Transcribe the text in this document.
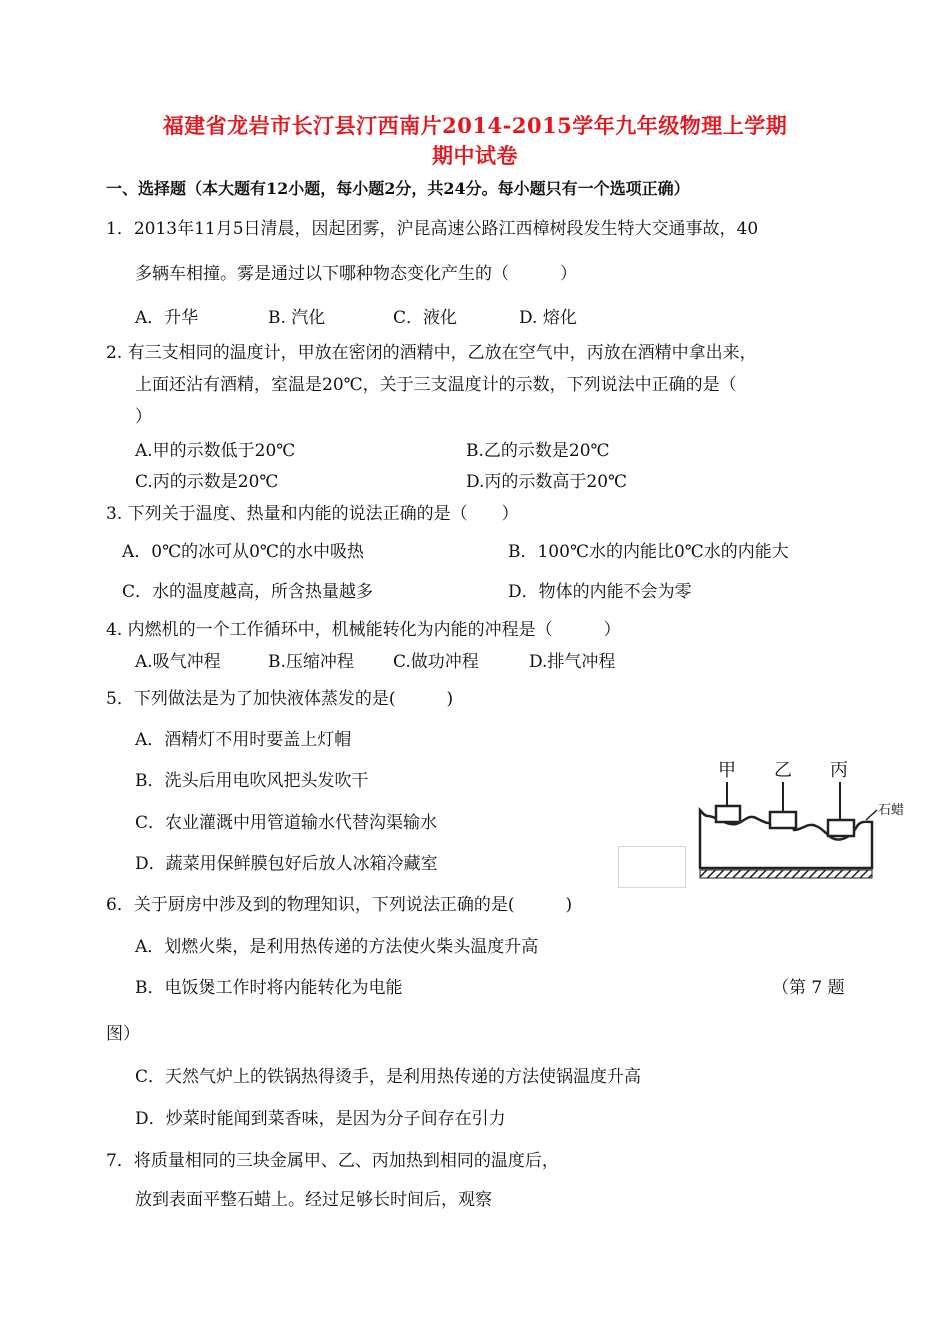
福建省龙岩市长汀县汀西南片2014-2015学年九年级物理上学期
期中试卷
一、选择题（本大题有12小题，每小题2分，共24分。每小题只有一个选项正确）
1．2013年11月5日清晨，因起团雾，沪昆高速公路江西樟树段发生特大交通事故，40
多辆车相撞。雾是通过以下哪种物态变化产生的（　　　）
A．升华	B. 汽化	C．液化	D. 熔化
2. 有三支相同的温度计，甲放在密闭的酒精中，乙放在空气中，丙放在酒精中拿出来，
上面还沾有酒精，室温是20℃，关于三支温度计的示数，下列说法中正确的是（
）
A.甲的示数低于20℃	B.乙的示数是20℃
C.丙的示数是20℃	D.丙的示数高于20℃
3. 下列关于温度、热量和内能的说法正确的是（　　）
A．0℃的冰可从0℃的水中吸热	B．100℃水的内能比0℃水的内能大
C．水的温度越高，所含热量越多	D．物体的内能不会为零
4. 内燃机的一个工作循环中，机械能转化为内能的冲程是（　　　）
A.吸气冲程	B.压缩冲程 C.做功冲程	D.排气冲程
5．下列做法是为了加快液体蒸发的是(　　　)
A．酒精灯不用时要盖上灯帽
B．洗头后用电吹风把头发吹干
C．农业灌溉中用管道输水代替沟渠输水
D．蔬菜用保鲜膜包好后放人冰箱冷藏室
甲 乙 丙
石蜡
6．关于厨房中涉及到的物理知识，下列说法正确的是(　　　)
A．划燃火柴，是利用热传递的方法使火柴头温度升高
B．电饭煲工作时将内能转化为电能	（第 7 题
图）
C．天然气炉上的铁锅热得烫手，是利用热传递的方法使锅温度升高
D．炒菜时能闻到菜香味，是因为分子间存在引力
7．将质量相同的三块金属甲、乙、丙加热到相同的温度后，
放到表面平整石蜡上。经过足够长时间后，观察
